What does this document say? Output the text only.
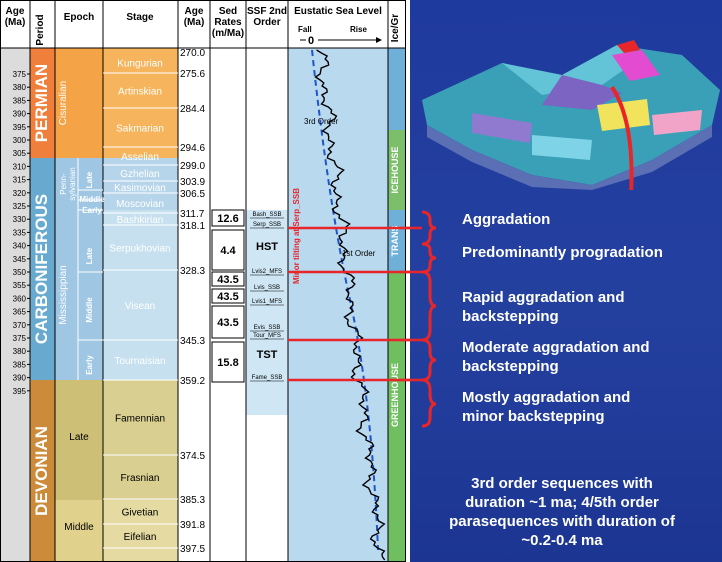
Age (Ma) Period Epoch	Stage
Age (Ma)
Sed Rates (m/Ma)
SSF 2nd Order
Eustatic Sea Level
Fall
0
Rise Ice/Gr
375
380
385
390
395
300
305
310
315
320
325
330
335
340
345
350
355
360
365
370
375
380
385
390
395
PERMIAN
CARBONIFEROUS
DEVONIAN
Cisuralian
Penn-sylvanian
Mississippian
Late
Middle
Late
Middle
Early
Late
Middle
Early
270.0
275.6
284.4
294.6
299.0
303.9
306.5
311.7
318.1
328.3
345.3
359.2
374.5
385.3
391.8
397.5
Kungurian
Artinskian
Sakmarian
Asselian
Gzhelian
Kasimovian
Moscovian
Bashkirian
Serpukhovian
Visean
Tournaisian
Famennian
Frasnian
Givetian
Eifelian
12.6
4.4
43.5
43.5
43.5
15.8
Bash_SSB
Serp_SSB
HST
Lvis2_MFS
Lvis_SSB
Lvis1_MFS
Evis_SSB
Tour_MFS
TST
Fame_SSB
3rd Order
1st Order
Minor tilting at Serp_SSB
ICEHOUSE
TRANS
GREENHOUSE
Aggradation
Predominantly progradation
Rapid aggradation and
backstepping
Moderate aggradation and
backstepping
Mostly aggradation and
minor backstepping
3rd order sequences with
duration ~1 ma; 4/5th order
parasequences with duration of
~0.2-0.4 ma
